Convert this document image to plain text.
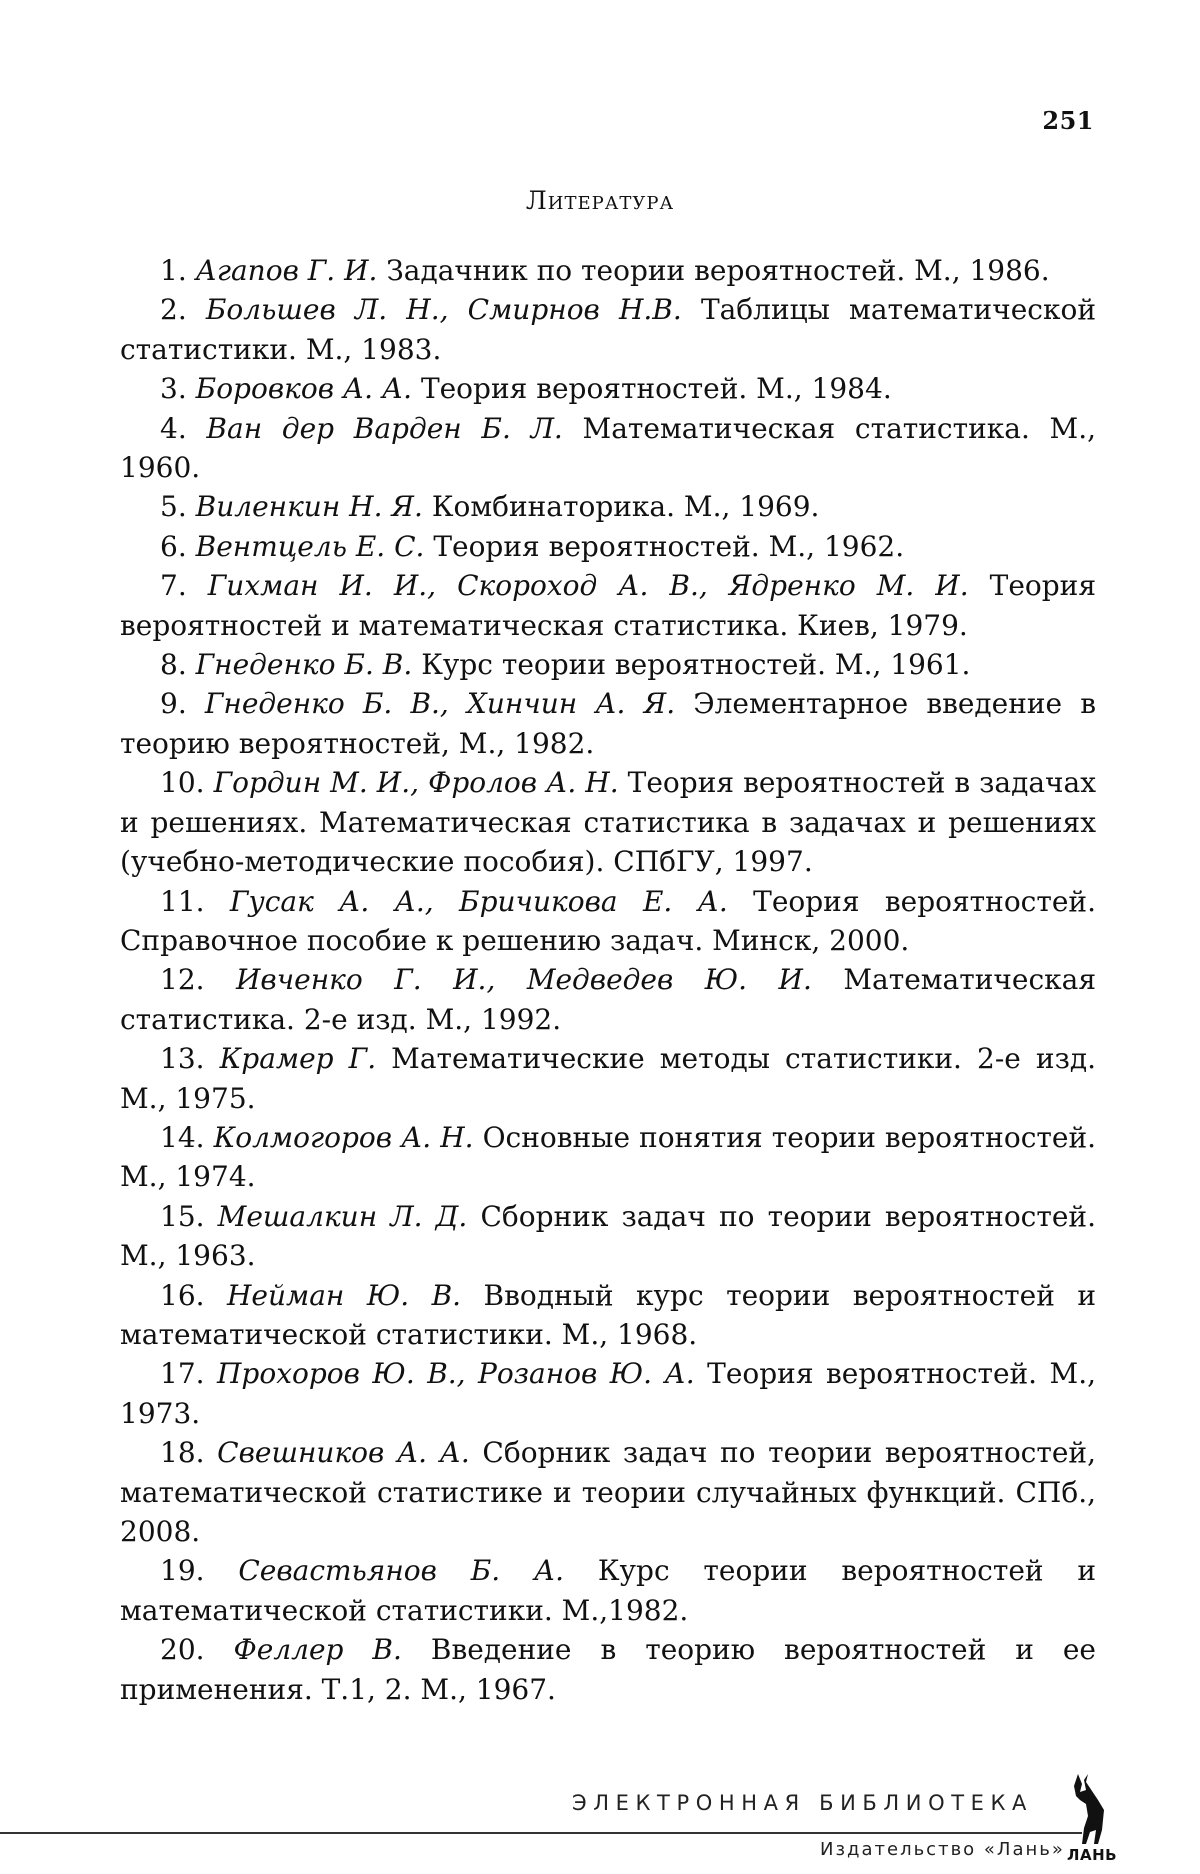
251
Литература
1. Агапов Г. И. Задачник по теории вероятностей. М., 1986.
2. Большев Л. Н., Смирнов Н.В. Таблицы математической статистики. М., 1983.
3. Боровков А. А. Теория вероятностей. М., 1984.
4. Ван дер Варден Б. Л. Математическая статистика. М., 1960.
5. Виленкин Н. Я. Комбинаторика. М., 1969.
6. Вентцель Е. С. Теория вероятностей. М., 1962.
7. Гихман И. И., Скороход А. В., Ядренко М. И. Теория вероятностей и математическая статистика. Киев, 1979.
8. Гнеденко Б. В. Курс теории вероятностей. М., 1961.
9. Гнеденко Б. В., Хинчин А. Я. Элементарное введение в теорию вероятностей, М., 1982.
10. Гордин М. И., Фролов А. Н. Теория вероятностей в задачах и решениях. Математическая статистика в задачах и решениях (учебно-методические пособия). СПбГУ, 1997.
11. Гусак А. А., Бричикова Е. А. Теория вероятностей. Справочное пособие к решению задач. Минск, 2000.
12. Ивченко Г. И., Медведев Ю. И. Математическая статистика. 2-е изд. М., 1992.
13. Крамер Г. Математические методы статистики. 2-е изд. М., 1975.
14. Колмогоров А. Н. Основные понятия теории вероятностей. М., 1974.
15. Мешалкин Л. Д. Сборник задач по теории вероятностей. М., 1963.
16. Нейман Ю. В. Вводный курс теории вероятностей и математической статистики. М., 1968.
17. Прохоров Ю. В., Розанов Ю. А. Теория вероятностей. М., 1973.
18. Свешников А. А. Сборник задач по теории вероятностей, математической статистике и теории случайных функций. СПб., 2008.
19. Севастьянов Б. А. Курс теории вероятностей и математической статистики. М.,1982.
20. Феллер В. Введение в теорию вероятностей и ее применения. Т.1, 2. М., 1967.
ЭЛЕКТРОННАЯ БИБЛИОТЕКА
Издательство «Лань» ЛАНЬ
